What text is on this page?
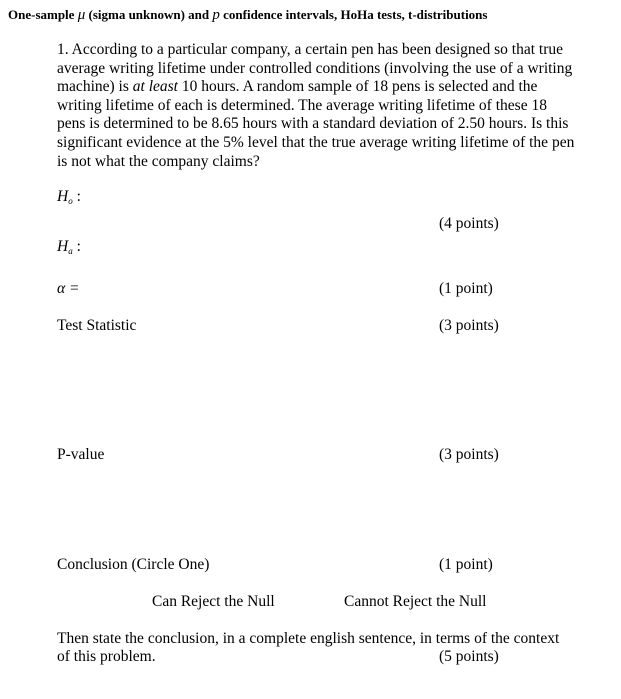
One-sample μ (sigma unknown) and p confidence intervals, HoHa tests, t-distributions
1. According to a particular company, a certain pen has been designed so that true average writing lifetime under controlled conditions (involving the use of a writing machine) is at least 10 hours. A random sample of 18 pens is selected and the writing lifetime of each is determined. The average writing lifetime of these 18 pens is determined to be 8.65 hours with a standard deviation of 2.50 hours. Is this significant evidence at the 5% level that the true average writing lifetime of the pen is not what the company claims?
$H_o$ :
(4 points)
$H_a$ :
α =	(1 point)
Test Statistic	(3 points)
P-value	(3 points)
Conclusion (Circle One)	(1 point)
Can Reject the Null	Cannot Reject the Null
Then state the conclusion, in a complete english sentence, in terms of the context
of this problem.	(5 points)
